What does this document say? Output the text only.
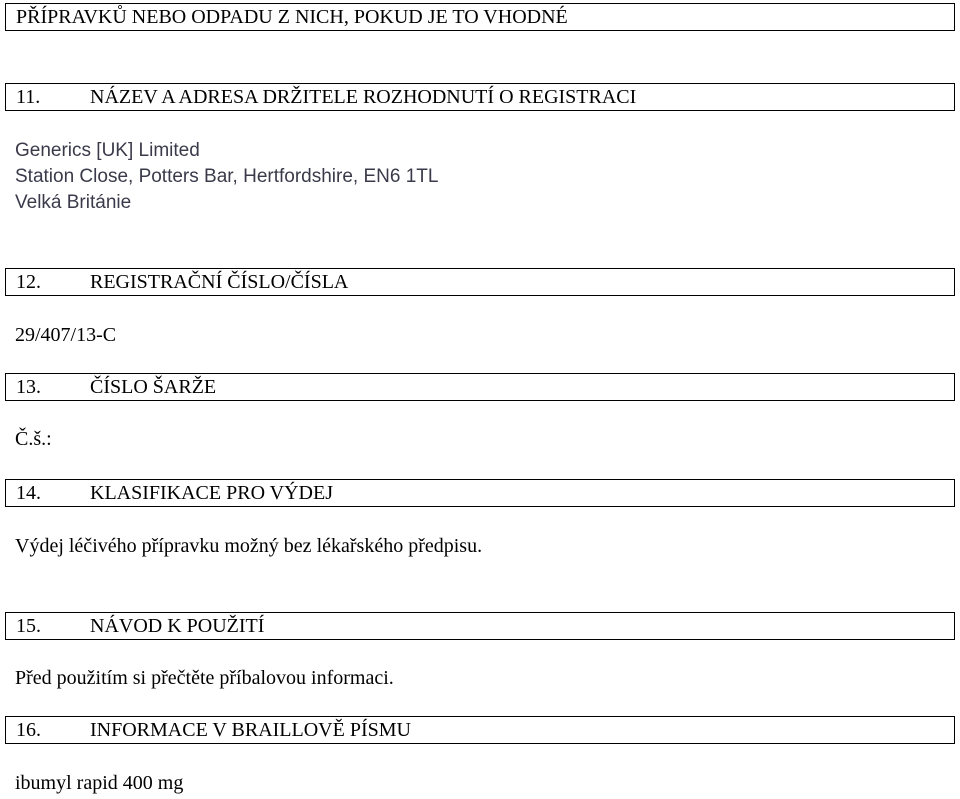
PŘÍPRAVKŮ NEBO ODPADU Z NICH, POKUD JE TO VHODNÉ
11. NÁZEV A ADRESA DRŽITELE ROZHODNUTÍ O REGISTRACI
Generics [UK] Limited
Station Close, Potters Bar, Hertfordshire, EN6 1TL
Velká Británie
12. REGISTRAČNÍ ČÍSLO/ČÍSLA
29/407/13-C
13. ČÍSLO ŠARŽE
Č.š.:
14. KLASIFIKACE PRO VÝDEJ
Výdej léčivého přípravku možný bez lékařského předpisu.
15. NÁVOD K POUŽITÍ
Před použitím si přečtěte příbalovou informaci.
16. INFORMACE V BRAILLOVĚ PÍSMU
ibumyl rapid 400 mg
